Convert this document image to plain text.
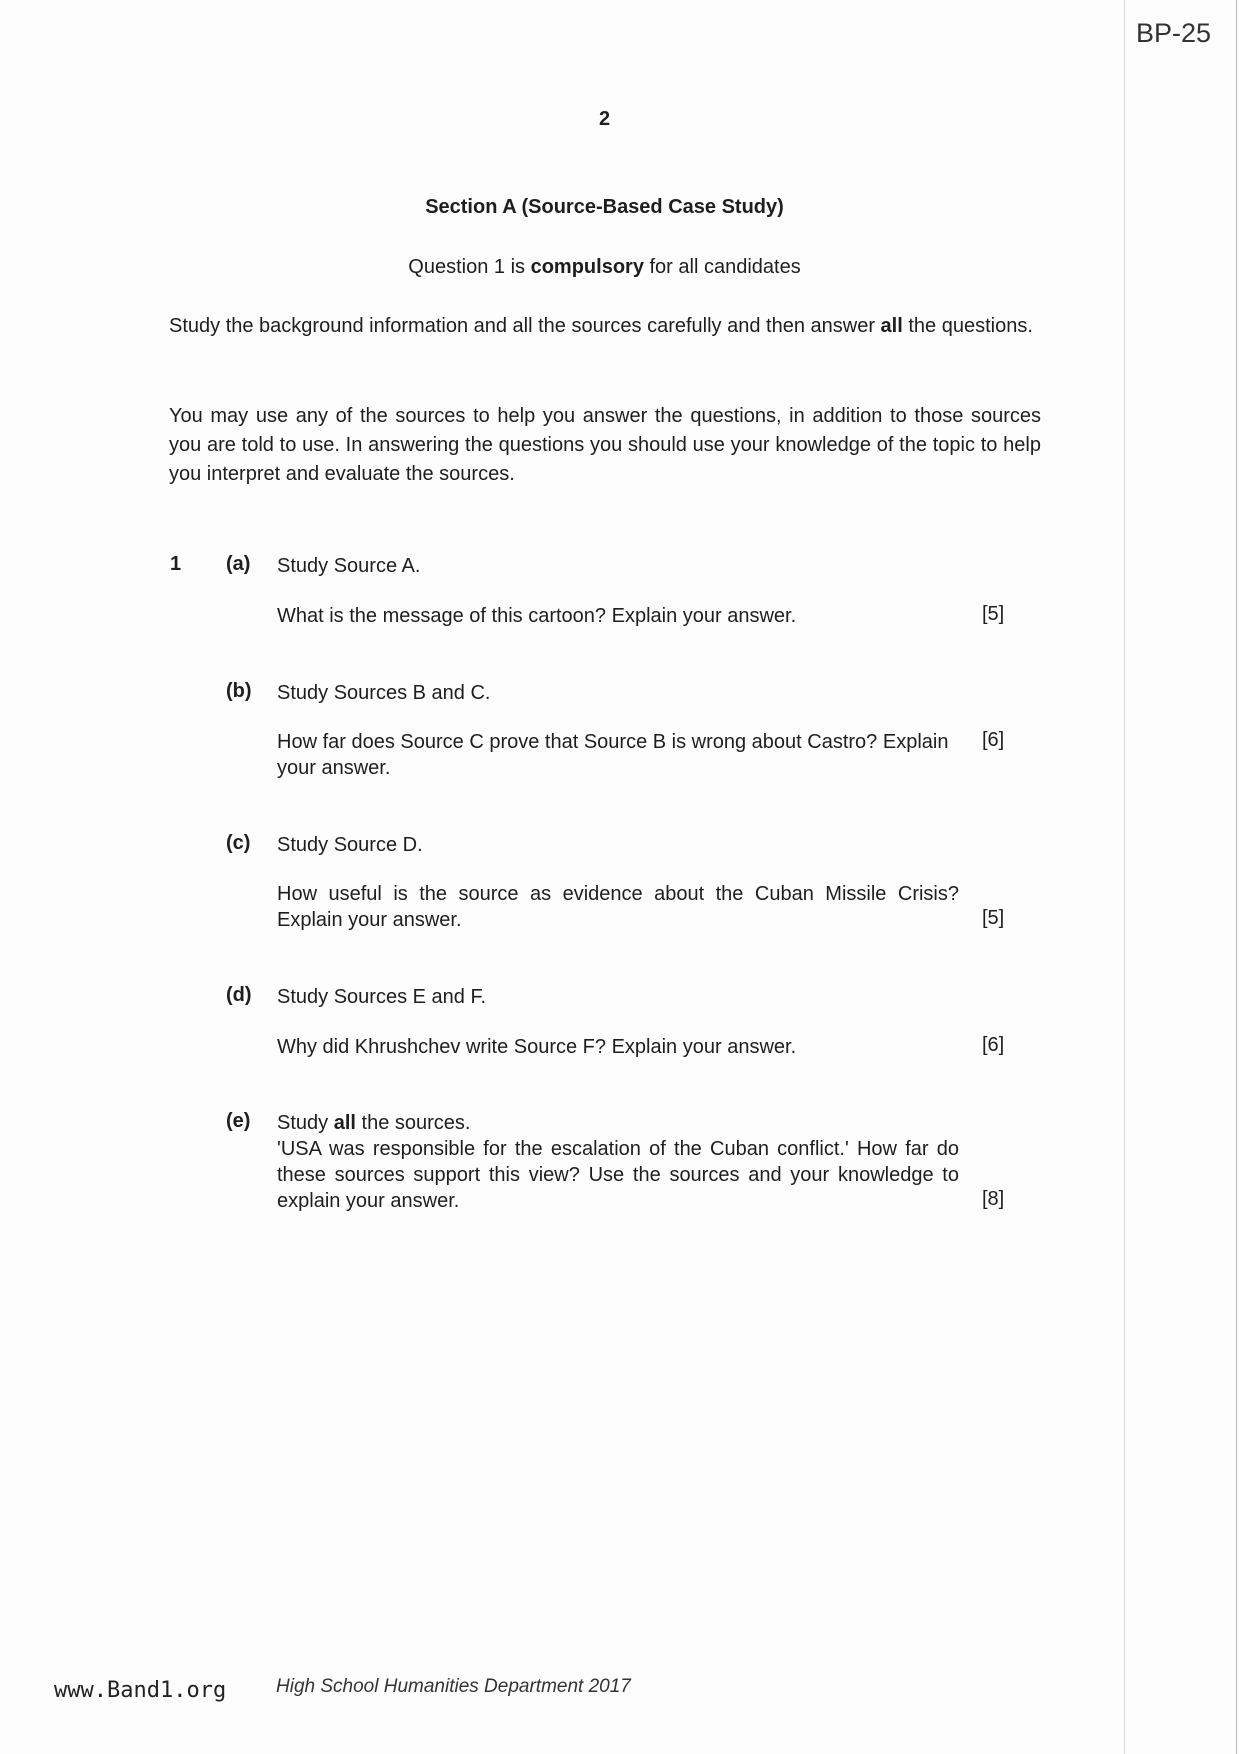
BP-25
2
Section A (Source-Based Case Study)
Question 1 is compulsory for all candidates
Study the background information and all the sources carefully and then answer all the questions.
You may use any of the sources to help you answer the questions, in addition to those sources you are told to use. In answering the questions you should use your knowledge of the topic to help you interpret and evaluate the sources.
1 (a) Study Source A.
What is the message of this cartoon? Explain your answer.	[5]
(b) Study Sources B and C.
How far does Source C prove that Source B is wrong about Castro? Explain your answer.
[6]
(c) Study Source D.
How useful is the source as evidence about the Cuban Missile Crisis? Explain your answer.	[5]
(d) Study Sources E and F.
Why did Khrushchev write Source F? Explain your answer.	[6]
(e) Study all the sources.
'USA was responsible for the escalation of the Cuban conflict.' How far do these sources support this view? Use the sources and your knowledge to explain your answer.	[8]
www.Band1.org	High School Humanities Department 2017
